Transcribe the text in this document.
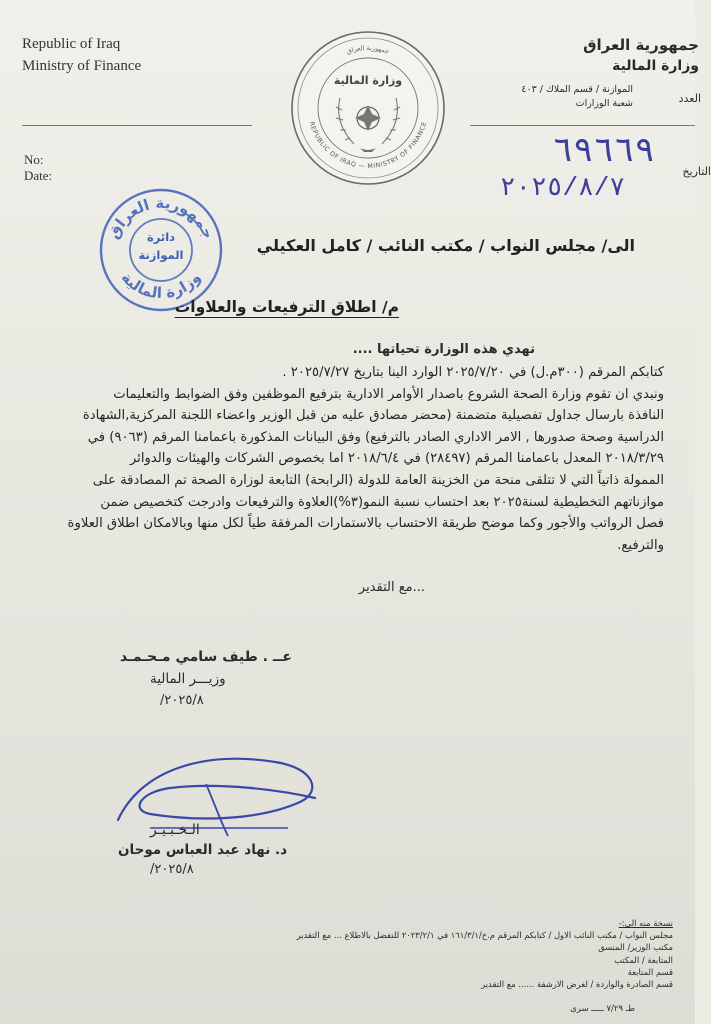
Republic of Iraq
Ministry of Finance
No:
Date:
جمهورية العراق
وزارة المالية
الموازنة / قسم الملاك / ٤٠٣
شعبة الوزارات	العدد
التاريخ
جمهورية العراق
REPUBLIC OF IRAQ — MINISTRY OF FINANCE
وزارة المالية
٦٩٦٦٩
٢٠٢٥/٨/٧
جمهورية العراق
وزارة المالية
دائرة الموازنة	الى/ مجلس النواب / مكتب النائب / كامل العكيلي
م/ اطلاق الترفيعات والعلاوات
تهدي هذه الوزارة تحياتها ....

كتابكم المرقم (٣٠٠م.ل) في ٢٠٢٥/٧/٢٠ الوارد الينا بتاريخ ٢٠٢٥/٧/٢٧ .

ونبدي ان تقوم وزارة الصحة الشروع باصدار الأوامر الادارية بترفيع الموظفين وفق الضوابط والتعليمات

النافذة بارسال جداول تفصيلية متضمنة (محضر مصادق عليه من قبل الوزير واعضاء اللجنة المركزية,الشهادة

الدراسية وصحة صدورها , الامر الاداري الصادر بالترفيع) وفق البيانات المذكورة باعمامنا المرقم (٩٠٦٣) في

٢٠١٨/٣/٢٩ المعدل باعمامنا المرقم (٢٨٤٩٧) في ٢٠١٨/٦/٤ اما بخصوص الشركات والهيئات والدوائر

الممولة ذاتياً التي لا تتلقى منحة من الخزينة العامة للدولة (الرابحة) التابعة لوزارة الصحة تم المصادقة على

موازناتهم التخطيطية لسنة٢٠٢٥ بعد احتساب نسبة النمو(٣%)العلاوة والترفيعات وادرجت كتخصيص ضمن

فصل الرواتب والأجور وكما موضح طريقة الاحتساب بالاستمارات المرفقة طياً لكل منها وبالامكان اطلاق العلاوة

والترفيع.

...مع التقدير
عــ . طيف سامي مـحـمـد
وزيـــر المالية
٢٠٢٥/٨/
الـخـبـيـر
د. نهاد عبد العباس موحان
٢٠٢٥/٨/
نسخة منه الى:-
مجلس النواب / مكتب النائب الاول / كتابكم المرقم م.خ/١٦١/٣/١ في ٢٠٢٣/٢/١ للتفضل بالاطلاع ... مع التقدير
مكتب الوزير/ المنسق
المتابعة / المكتب
قسم المتابعة
قسم الصادرة والواردة / لغرض الارشفة ...... مع التقدير
طـ ٧/٢٩ ـــــ سرى
